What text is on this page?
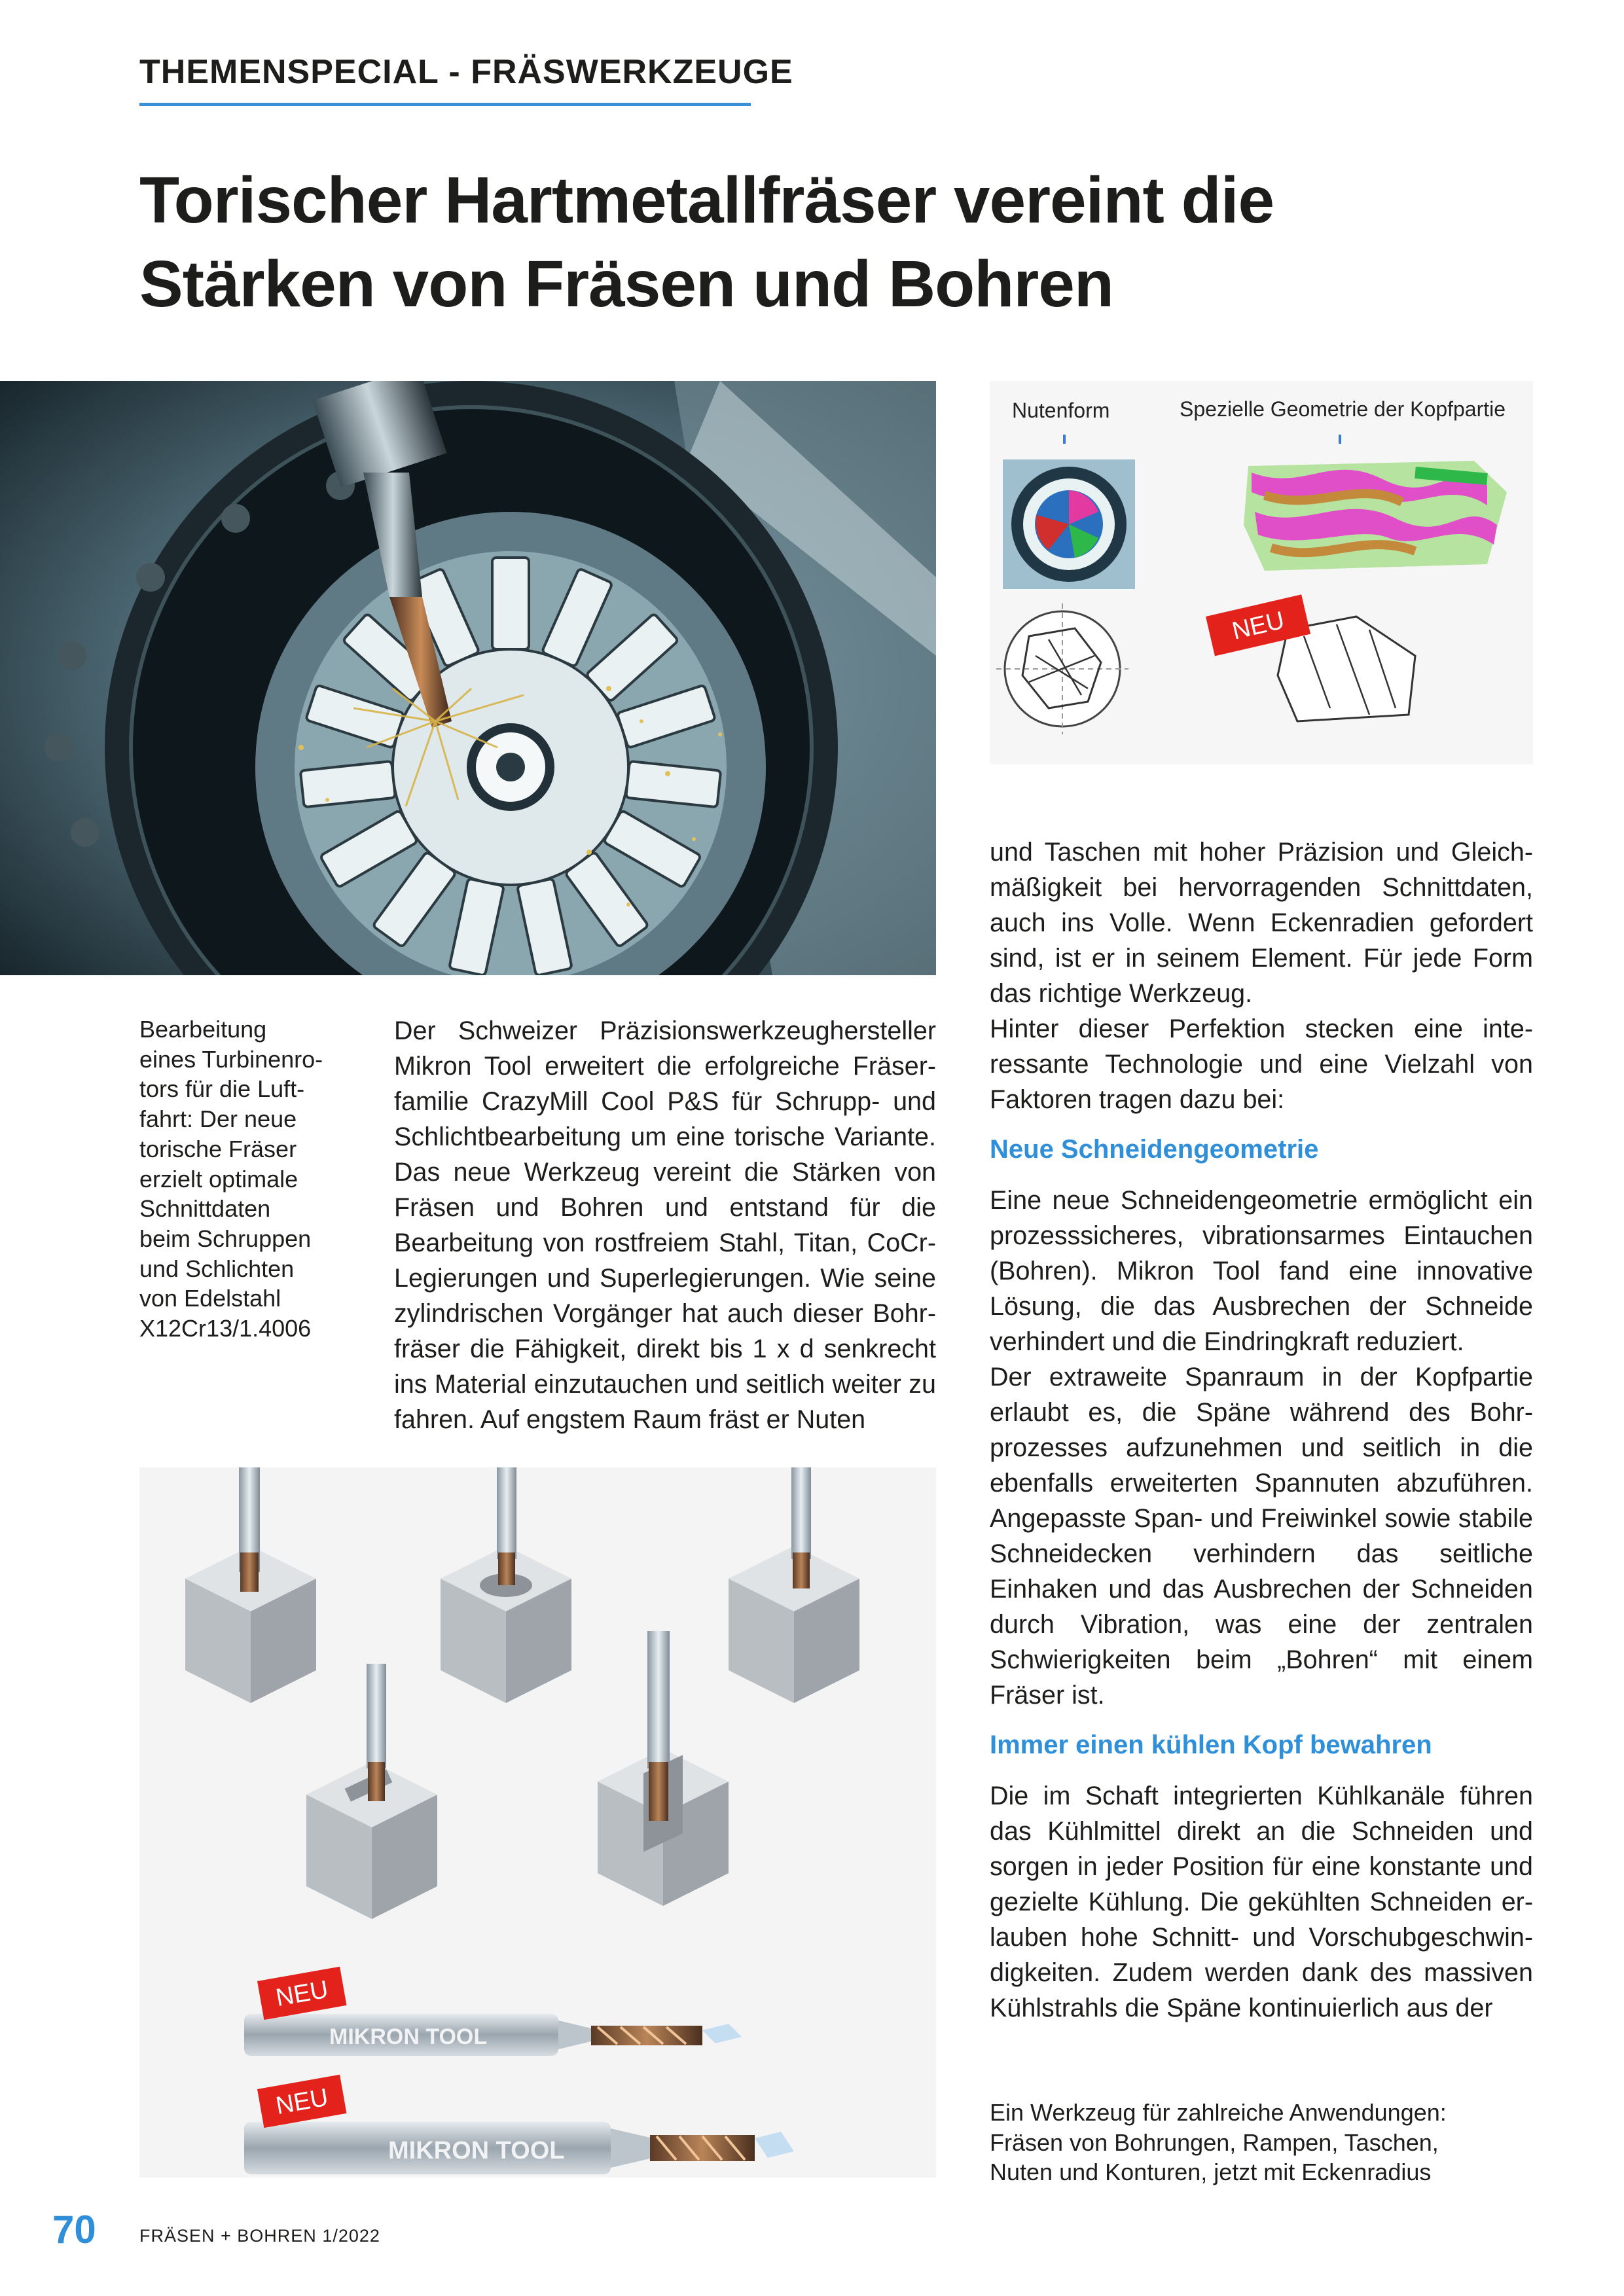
THEMENSPECIAL - FRÄSWERKZEUGE
Torischer Hartmetallfräser vereint die
Stärken von Fräsen und Bohren
Nutenform	Spezielle Geometrie der Kopfpartie
NEU
Bearbeitung
eines Turbinenro-
tors für die Luft-
fahrt: Der neue
torische Fräser
erzielt optimale
Schnittdaten
beim Schruppen
und Schlichten
von Edelstahl
X12Cr13/1.4006

Der Schweizer Präzisionswerkzeughersteller Mikron Tool erweitert die erfolgreiche Fräserfamilie CrazyMill Cool P&S für Schrupp- und Schlichtbearbeitung um eine torische Variante. Das neue Werkzeug vereint die Stärken von Fräsen und Bohren und entstand für die Bearbeitung von rostfreiem Stahl, Titan, CoCr-Legierungen und Superlegierungen. Wie seine zylindrischen Vorgänger hat auch dieser Bohrfräser die Fähigkeit, direkt bis 1 x d senkrecht ins Material einzutauchen und seitlich weiter zu fahren. Auf engstem Raum fräst er Nuten

und Taschen mit hoher Präzision und Gleichmäßigkeit bei hervorragenden Schnittdaten, auch ins Volle. Wenn Eckenradien gefordert sind, ist er in seinem Element. Für jede Form das richtige Werkzeug.

Hinter dieser Perfektion stecken eine interessante Technologie und eine Vielzahl von Faktoren tragen dazu bei:

Neue Schneidengeometrie

Eine neue Schneidengeometrie ermöglicht ein prozesssicheres, vibrationsarmes Eintauchen (Bohren). Mikron Tool fand eine innovative Lösung, die das Ausbrechen der Schneide verhindert und die Eindringkraft reduziert.

Der extraweite Spanraum in der Kopfpartie erlaubt es, die Späne während des Bohrprozesses aufzunehmen und seitlich in die ebenfalls erweiterten Spannuten abzuführen. Angepasste Span- und Freiwinkel sowie stabile Schneidecken verhindern das seitliche Einhaken und das Ausbrechen der Schneiden durch Vibration, was eine der zentralen Schwierigkeiten beim „Bohren“ mit einem Fräser ist.

Immer einen kühlen Kopf bewahren

Die im Schaft integrierten Kühlkanäle führen das Kühlmittel direkt an die Schneiden und sorgen in jeder Position für eine konstante und gezielte Kühlung. Die gekühlten Schneiden erlauben hohe Schnitt- und Vorschubgeschwindigkeiten. Zudem werden dank des massiven Kühlstrahls die Späne kontinuierlich aus der

MIKRON TOOL
NEU
MIKRON TOOL
NEU	Ein Werkzeug für zahlreiche Anwendungen:
Fräsen von Bohrungen, Rampen, Taschen,
Nuten und Konturen, jetzt mit Eckenradius
70 FRÄSEN + BOHREN 1/2022
